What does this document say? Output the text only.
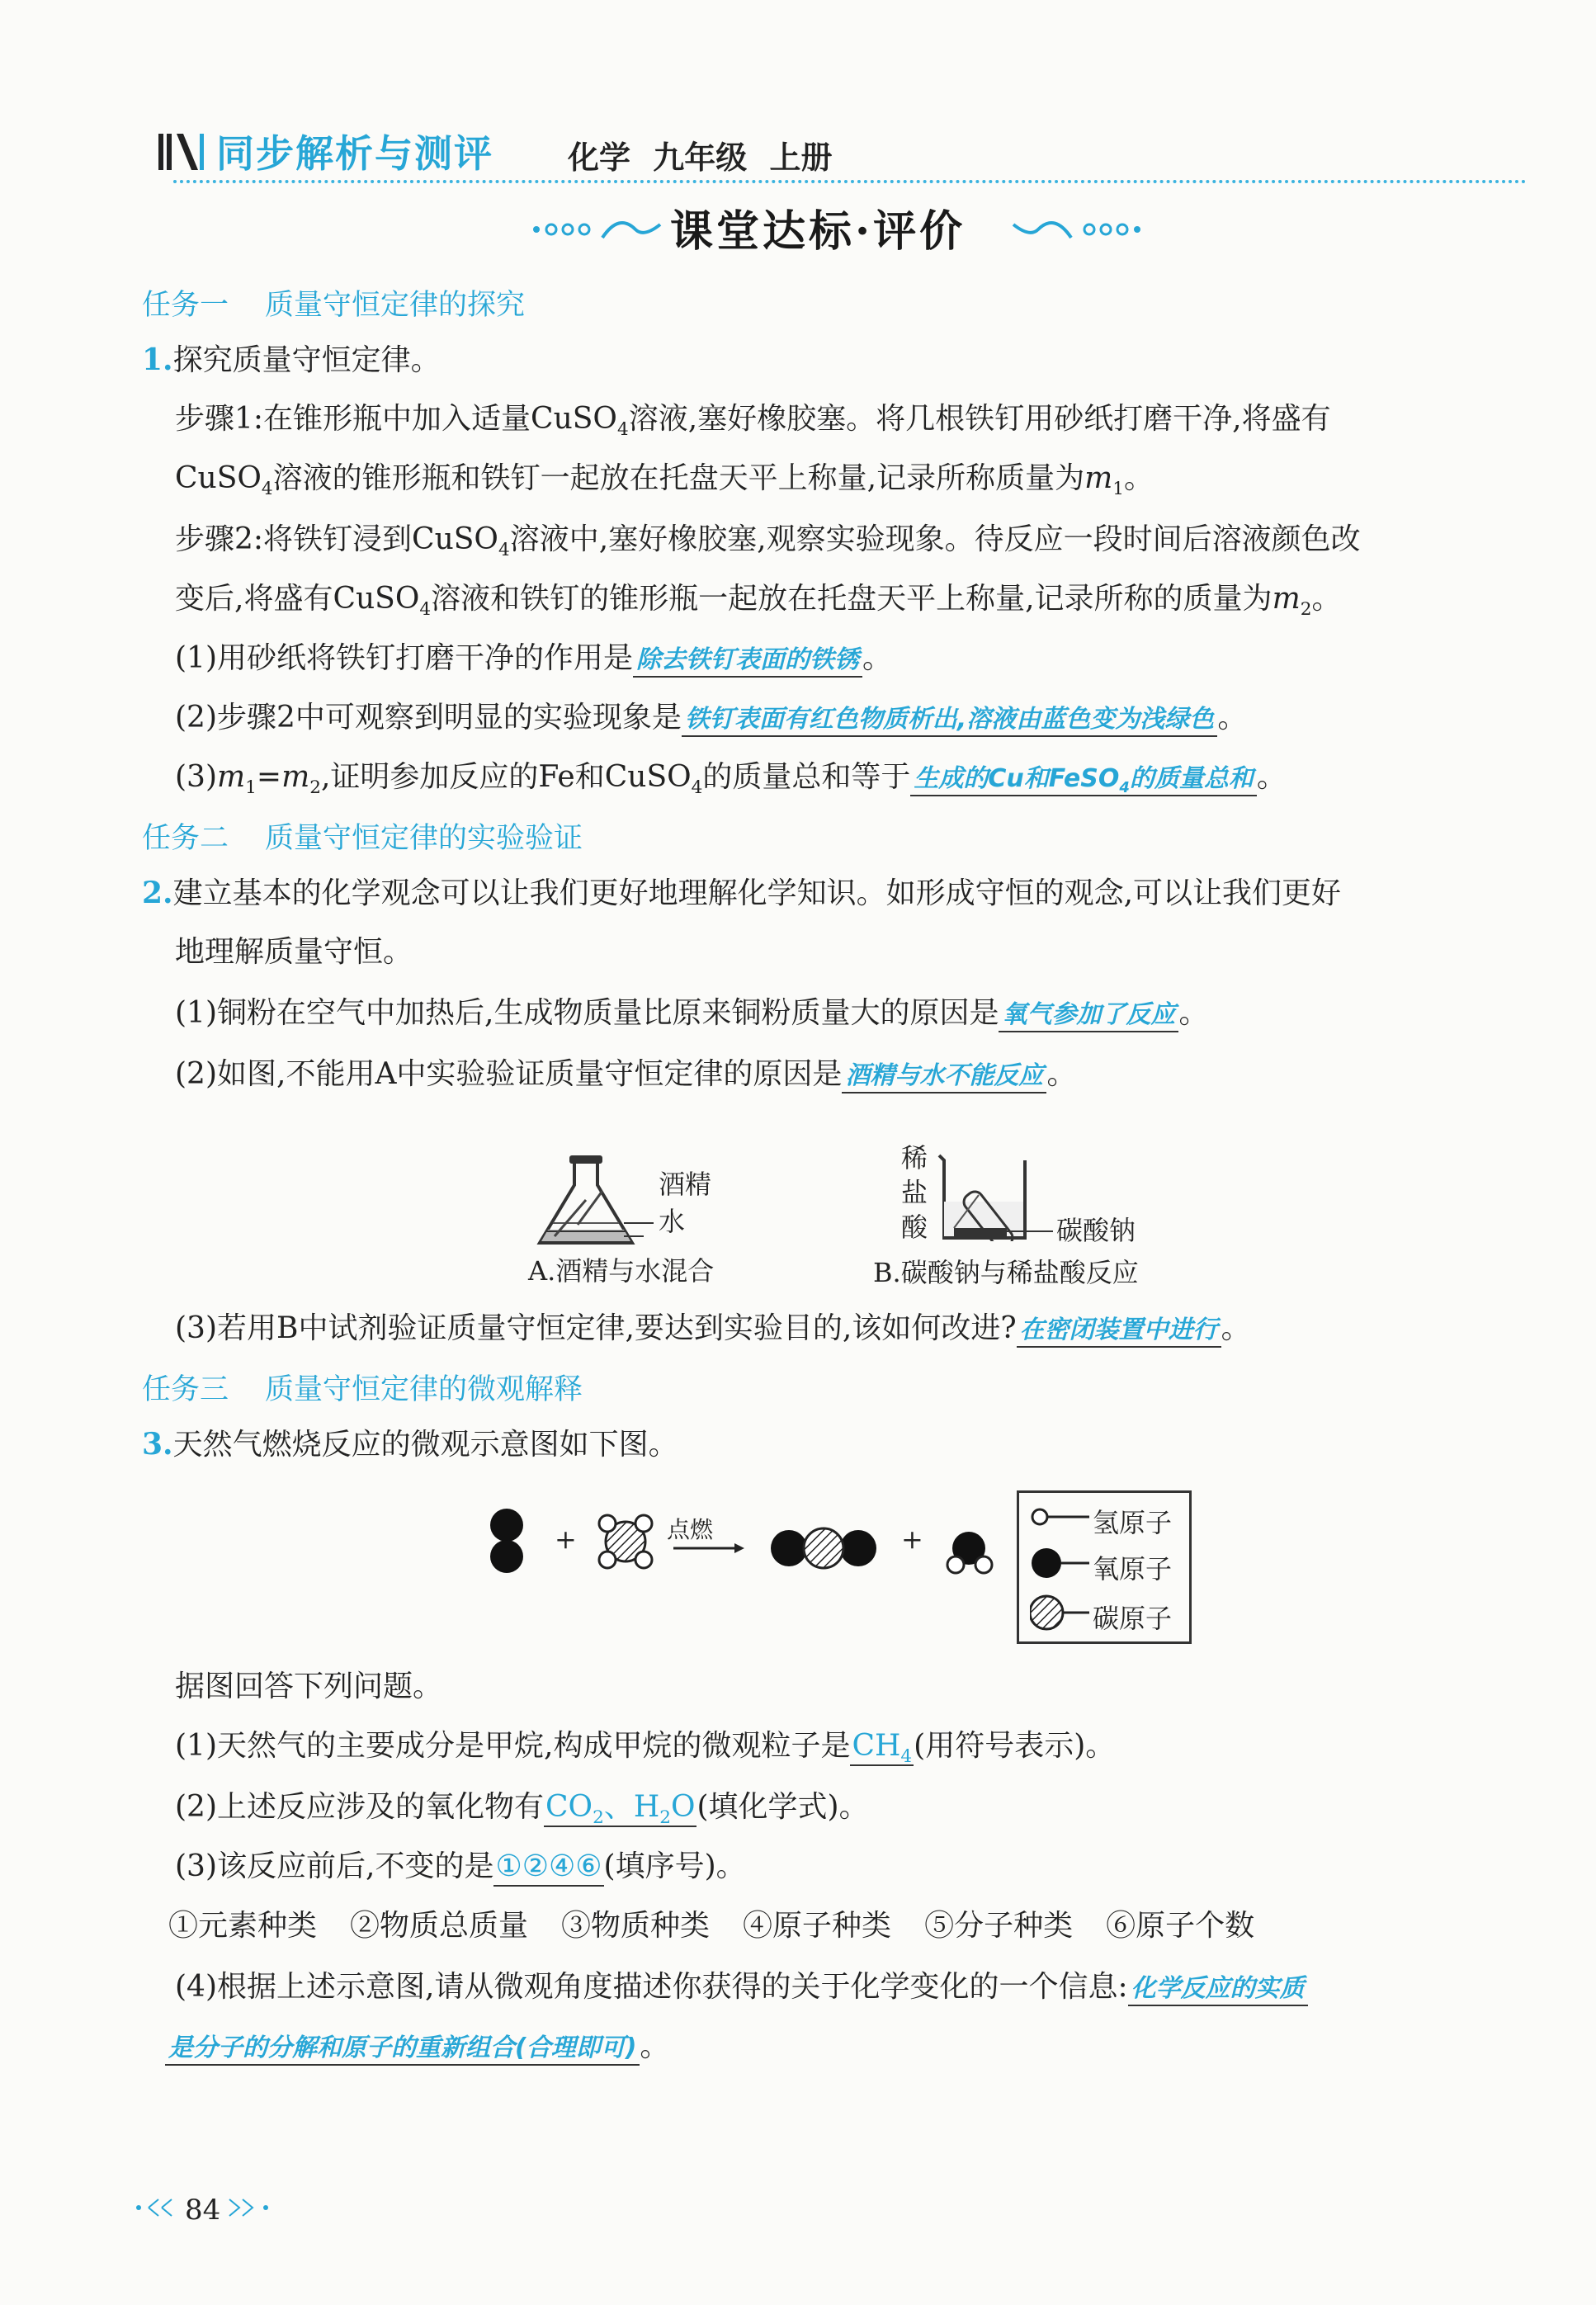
同步解析与测评 化学 九年级 上册
课堂达标·评价
任务一 质量守恒定律的探究
1.探究质量守恒定律。
步骤1:在锥形瓶中加入适量CuSO$_4$溶液,塞好橡胶塞。将几根铁钉用砂纸打磨干净,将盛有
CuSO$_4$溶液的锥形瓶和铁钉一起放在托盘天平上称量,记录所称质量为$m_1$。
步骤2:将铁钉浸到CuSO$_4$溶液中,塞好橡胶塞,观察实验现象。待反应一段时间后溶液颜色改
变后,将盛有CuSO$_4$溶液和铁钉的锥形瓶一起放在托盘天平上称量,记录所称的质量为$m_2$。
(1)用砂纸将铁钉打磨干净的作用是 除去铁钉表面的铁锈 。
(2)步骤2中可观察到明显的实验现象是 铁钉表面有红色物质析出,溶液由蓝色变为浅绿色 。
$(3)m_1=m_2$,证明参加反应的Fe和CuSO$_4$的质量总和等于 生成的Cu和FeSO$_4$的质量总和 。
任务二 质量守恒定律的实验验证
2.建立基本的化学观念可以让我们更好地理解化学知识。如形成守恒的观念,可以让我们更好
地理解质量守恒。
(1)铜粉在空气中加热后,生成物质量比原来铜粉质量大的原因是 氧气参加了反应 。
(2)如图,不能用A中实验验证质量守恒定律的原因是 酒精与水不能反应 。
酒精
水
A.酒精与水混合
稀
盐
酸	碳酸钠
B.碳酸钠与稀盐酸反应
(3)若用B中试剂验证质量守恒定律,要达到实验目的,该如何改进? 在密闭装置中进行 。
任务三 质量守恒定律的微观解释
3.天然气燃烧反应的微观示意图如下图。
+	点燃	+
氢原子
氧原子
碳原子
据图回答下列问题。
(1)天然气的主要成分是甲烷,构成甲烷的微观粒子是$CH_4$(用符号表示)。
(2)上述反应涉及的氧化物有$CO_2$、$H_2O$(填化学式)。
(3)该反应前后,不变的是①②④⑥(填序号)。
①元素种类 ②物质总质量 ③物质种类 ④原子种类 ⑤分子种类 ⑥原子个数
(4)根据上述示意图,请从微观角度描述你获得的关于化学变化的一个信息: 化学反应的实质
是分子的分解和原子的重新组合(合理即可) 。
84
